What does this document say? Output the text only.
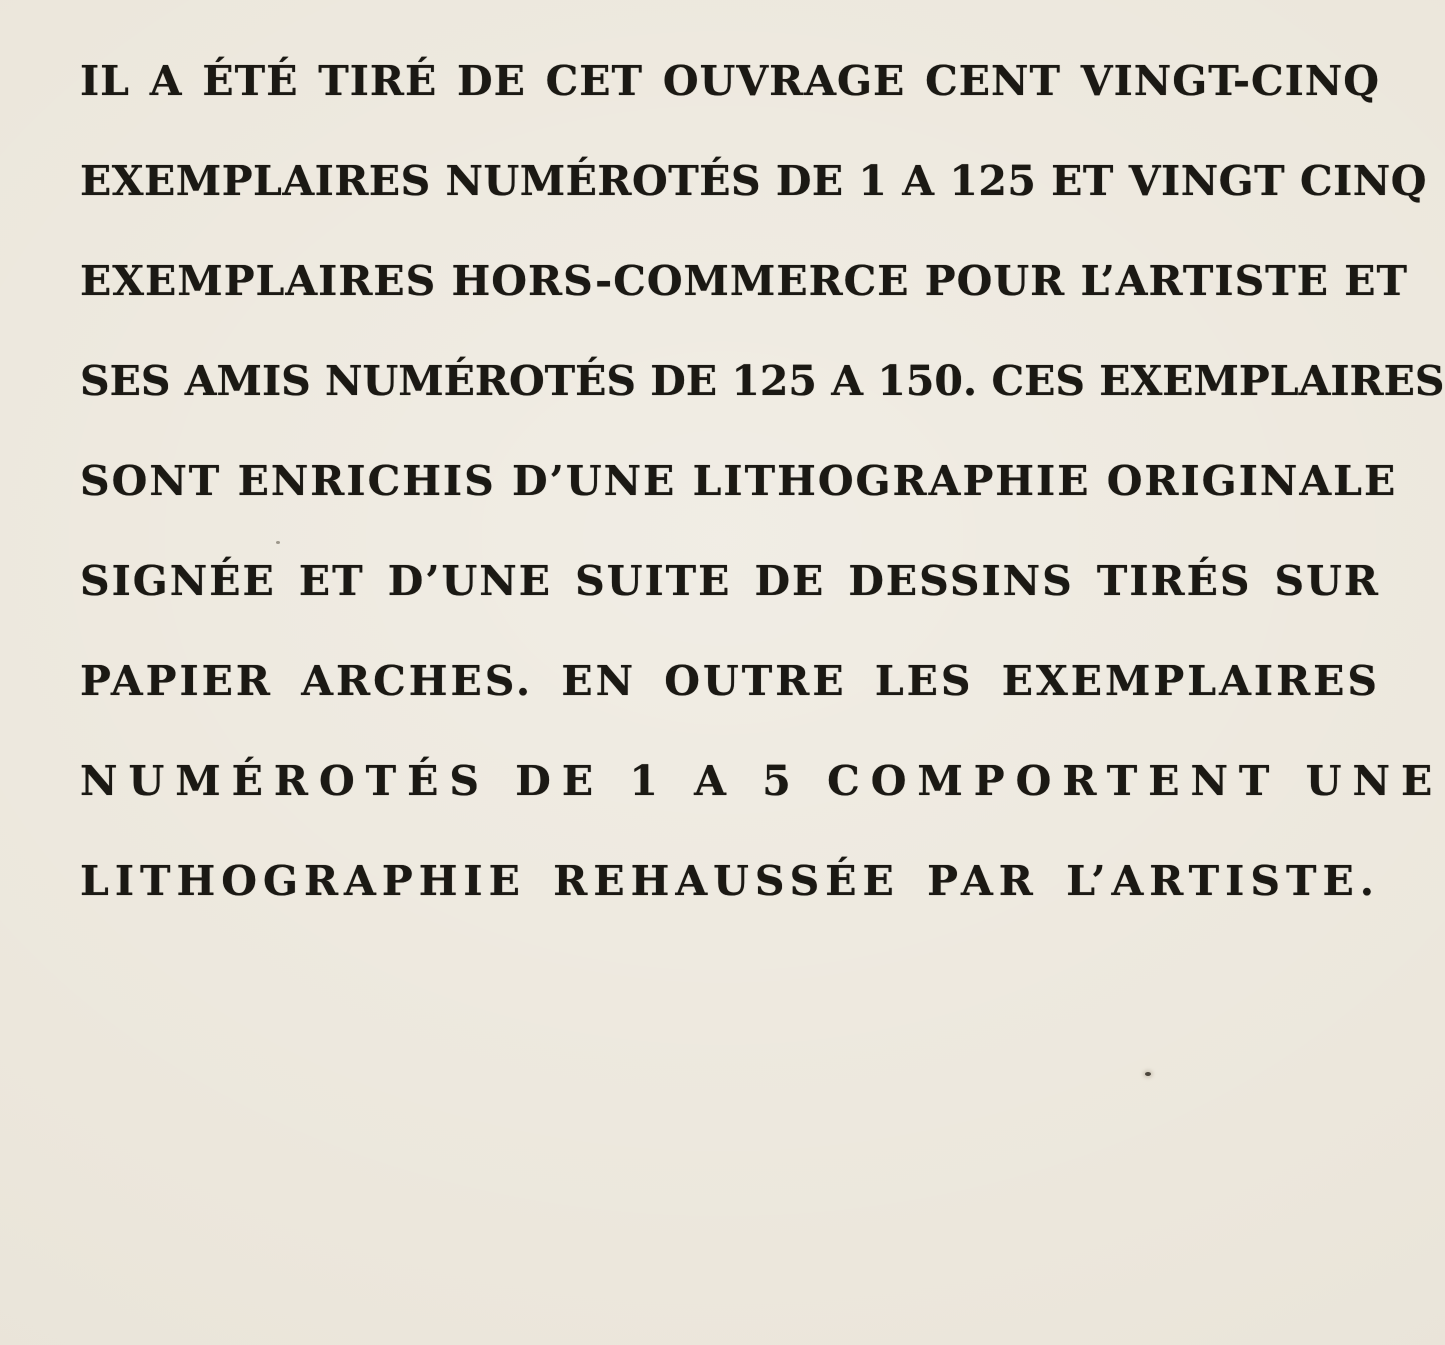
IL A ÉTÉ TIRÉ DE CET OUVRAGE CENT VINGT-CINQ
EXEMPLAIRES NUMÉROTÉS DE 1 A 125 ET VINGT CINQ
EXEMPLAIRES HORS-COMMERCE POUR L’ARTISTE ET
SES AMIS NUMÉROTÉS DE 125 A 150. CES EXEMPLAIRES
SONT ENRICHIS D’UNE LITHOGRAPHIE ORIGINALE
SIGNÉE ET D’UNE SUITE DE DESSINS TIRÉS SUR
PAPIER ARCHES. EN OUTRE LES EXEMPLAIRES
NUMÉROTÉS DE 1 A 5 COMPORTENT UNE
LITHOGRAPHIE REHAUSSÉE PAR L’ARTISTE.
